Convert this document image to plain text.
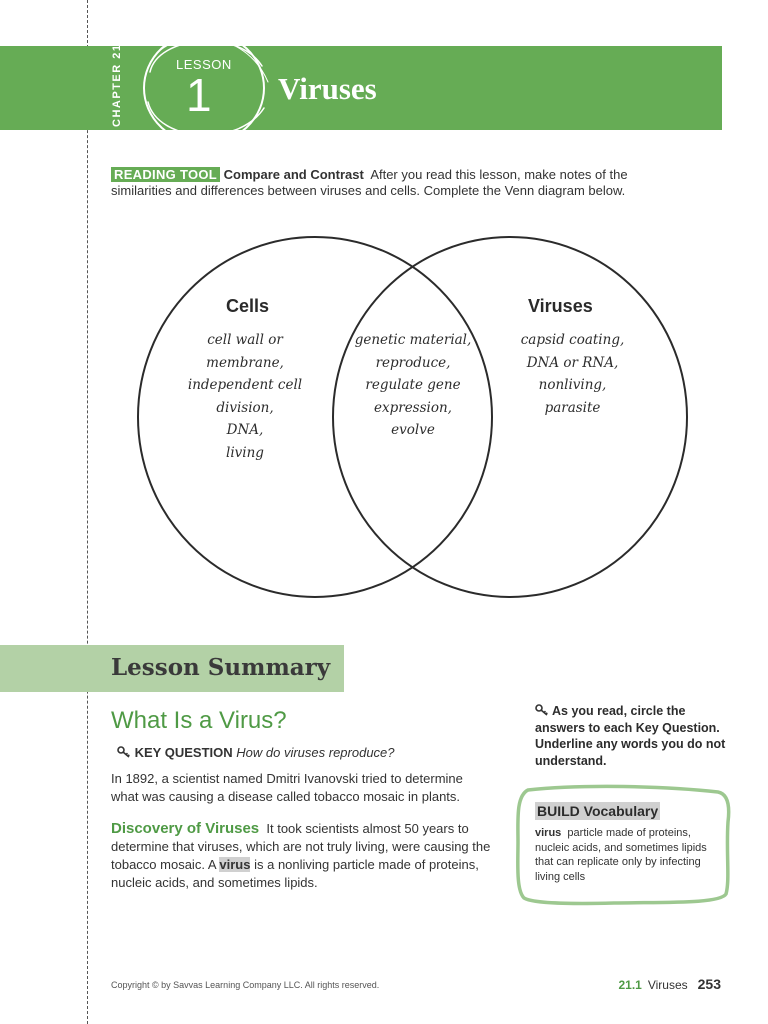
CHAPTER 21	LESSON
1 Viruses
READING TOOL Compare and Contrast After you read this lesson, make notes of the similarities and differences between viruses and cells. Complete the Venn diagram below.
Cells	Viruses
cell wall or
membrane,
independent cell
division,
DNA,
living
genetic material,
reproduce,
regulate gene
expression,
evolve
capsid coating,
DNA or RNA,
nonliving,
parasite
Lesson Summary
What Is a Virus?
KEY QUESTION How do viruses reproduce?
In 1892, a scientist named Dmitri Ivanovski tried to determine what was causing a disease called tobacco mosaic in plants.
Discovery of Viruses It took scientists almost 50 years to determine that viruses, which are not truly living, were causing the tobacco mosaic. A virus is a nonliving particle made of proteins, nucleic acids, and sometimes lipids.
As you read, circle the answers to each Key Question. Underline any words you do not understand.
BUILD Vocabulary
virus particle made of proteins, nucleic acids, and sometimes lipids that can replicate only by infecting living cells
Copyright © by Savvas Learning Company LLC. All rights reserved.	21.1 Viruses 253
